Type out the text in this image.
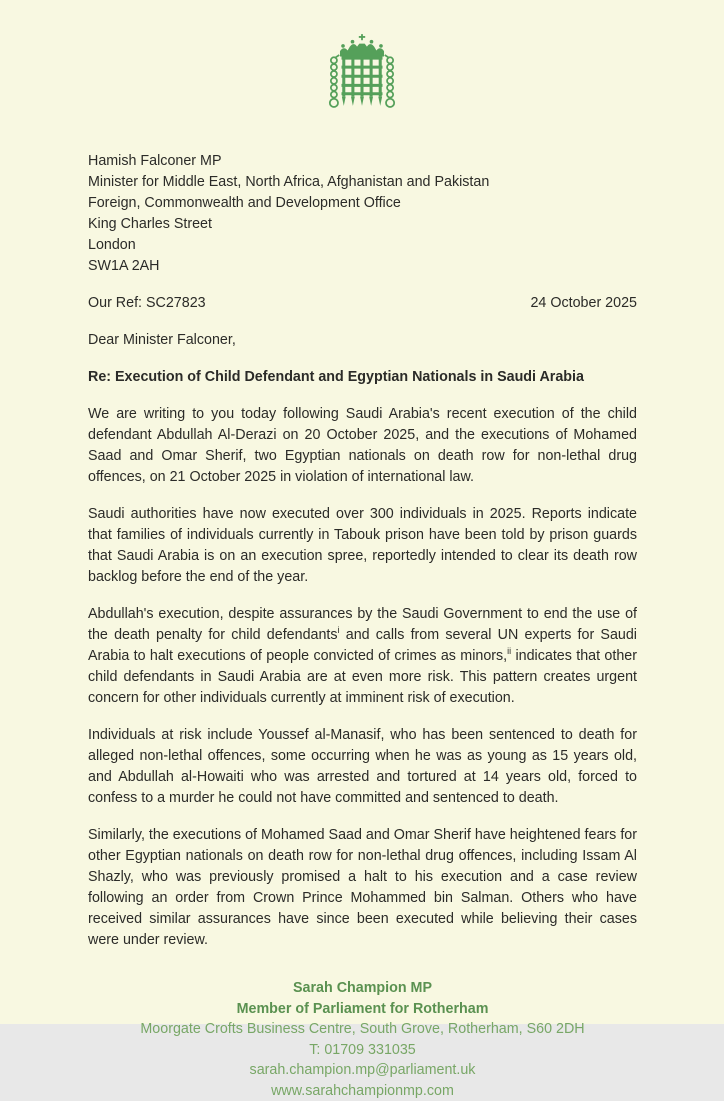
Hamish Falconer MP
Minister for Middle East, North Africa, Afghanistan and Pakistan
Foreign, Commonwealth and Development Office
King Charles Street
London
SW1A 2AH
Our Ref: SC27823	24 October 2025
Dear Minister Falconer,
Re: Execution of Child Defendant and Egyptian Nationals in Saudi Arabia

We are writing to you today following Saudi Arabia's recent execution of the child defendant Abdullah Al-Derazi on 20 October 2025, and the executions of Mohamed Saad and Omar Sherif, two Egyptian nationals on death row for non-lethal drug offences, on 21 October 2025 in violation of international law.

Saudi authorities have now executed over 300 individuals in 2025. Reports indicate that families of individuals currently in Tabouk prison have been told by prison guards that Saudi Arabia is on an execution spree, reportedly intended to clear its death row backlog before the end of the year.

Abdullah's execution, despite assurances by the Saudi Government to end the use of the death penalty for child defendants$^i$ and calls from several UN experts for Saudi Arabia to halt executions of people convicted of crimes as minors,$^{ii}$ indicates that other child defendants in Saudi Arabia are at even more risk. This pattern creates urgent concern for other individuals currently at imminent risk of execution.

Individuals at risk include Youssef al-Manasif, who has been sentenced to death for alleged non-lethal offences, some occurring when he was as young as 15 years old, and Abdullah al-Howaiti who was arrested and tortured at 14 years old, forced to confess to a murder he could not have committed and sentenced to death.

Similarly, the executions of Mohamed Saad and Omar Sherif have heightened fears for other Egyptian nationals on death row for non-lethal drug offences, including Issam Al Shazly, who was previously promised a halt to his execution and a case review following an order from Crown Prince Mohammed bin Salman. Others who have received similar assurances have since been executed while believing their cases were under review.

Sarah Champion MP
Member of Parliament for Rotherham
Moorgate Crofts Business Centre, South Grove, Rotherham, S60 2DH
T: 01709 331035
sarah.champion.mp@parliament.uk
www.sarahchampionmp.com
